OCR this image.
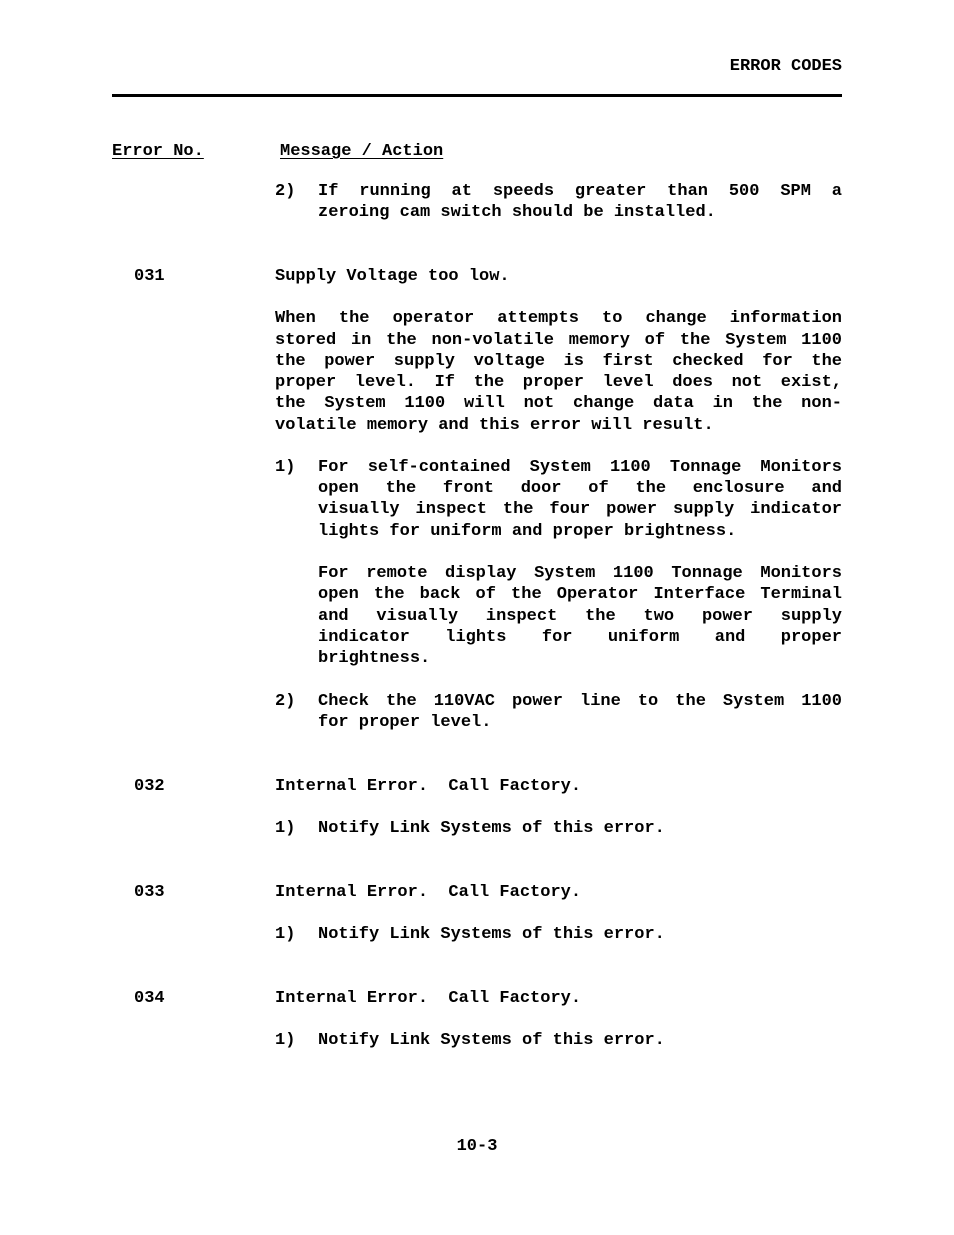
ERROR CODES
Error No.	Message / Action
2) If running at speeds greater than 500 SPM a
zeroing cam switch should be installed.
031	Supply Voltage too low.
When the operator attempts to change information
stored in the non-volatile memory of the System 1100
the power supply voltage is first checked for the
proper level. If the proper level does not exist,
the System 1100 will not change data in the non-
volatile memory and this error will result.
1) For self-contained System 1100 Tonnage Monitors
open the front door of the enclosure and
visually inspect the four power supply indicator
lights for uniform and proper brightness.
For remote display System 1100 Tonnage Monitors
open the back of the Operator Interface Terminal
and visually inspect the two power supply
indicator lights for uniform and proper
brightness.
2) Check the 110VAC power line to the System 1100
for proper level.
032	Internal Error.  Call Factory.
1) Notify Link Systems of this error.
033	Internal Error.  Call Factory.
1) Notify Link Systems of this error.
034	Internal Error.  Call Factory.
1) Notify Link Systems of this error.
10-3
